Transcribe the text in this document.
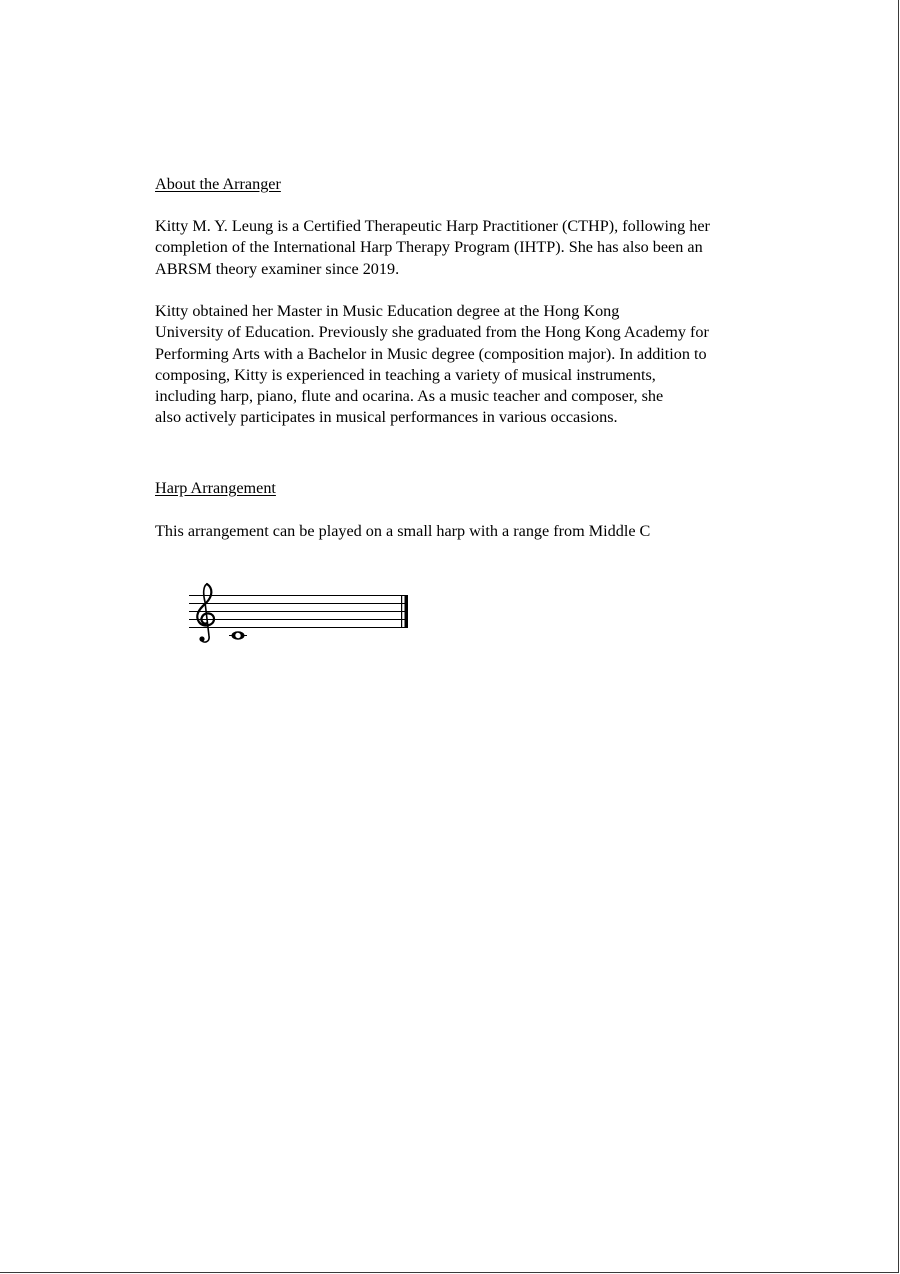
About the Arranger

Kitty M. Y. Leung is a Certified Therapeutic Harp Practitioner (CTHP), following her
completion of the International Harp Therapy Program (IHTP). She has also been an
ABRSM theory examiner since 2019.

Kitty obtained her Master in Music Education degree at the Hong Kong
University of Education. Previously she graduated from the Hong Kong Academy for
Performing Arts with a Bachelor in Music degree (composition major). In addition to
composing, Kitty is experienced in teaching a variety of musical instruments,
including harp, piano, flute and ocarina. As a music teacher and composer, she
also actively participates in musical performances in various occasions.

Harp Arrangement

This arrangement can be played on a small harp with a range from Middle C
